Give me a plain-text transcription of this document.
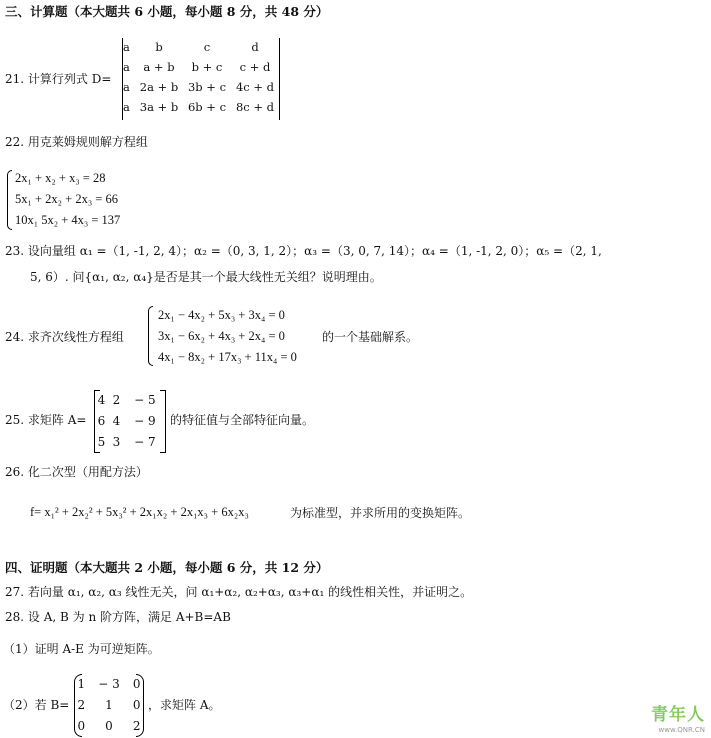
三、计算题（本大题共 6 小题，每小题 8 分，共 48 分）
21. 计算行列式 D=
a	b	c	d
a	a + b	b + c	c + d
a	2a + b	3b + c	4c + d
a	3a + b	6b + c	8c + d
22. 用克莱姆规则解方程组
2x₁ + x₂ + x₃ = 28
5x₁ + 2x₂ + 2x₃ = 66
10x₁ 5x₂ + 4x₃ = 137
23. 设向量组 α₁ =（1, -1, 2, 4）；α₂ =（0, 3, 1, 2）；α₃ =（3, 0, 7, 14）；α₄ =（1, -1, 2, 0）；α₅ =（2, 1,
5, 6）. 问{α₁, α₂, α₄}是否是其一个最大线性无关组？说明理由。
24. 求齐次线性方程组
2x₁ − 4x₂ + 5x₃ + 3x₄ = 0
3x₁ − 6x₂ + 4x₃ + 2x₄ = 0
4x₁ − 8x₂ + 17x₃ + 11x₄ = 0
的一个基础解系。
25. 求矩阵 A=
4	2	− 5
6	4	− 9
5	3	− 7
的特征值与全部特征向量。
26. 化二次型（用配方法）
f= x₁² + 2x₂² + 5x₃² + 2x₁x₂ + 2x₁x₃ + 6x₂x₃	为标准型，并求所用的变换矩阵。
四、证明题（本大题共 2 小题，每小题 6 分，共 12 分）
27. 若向量 α₁, α₂, α₃ 线性无关，问 α₁+α₂, α₂+α₃, α₃+α₁ 的线性相关性，并证明之。
28. 设 A, B 为 n 阶方阵，满足 A+B=AB
（1）证明 A-E 为可逆矩阵。
（2）若 B=
1	− 3	0
2	1	0
0	0	2
，求矩阵 A。
青年人
www.QNR.CN
